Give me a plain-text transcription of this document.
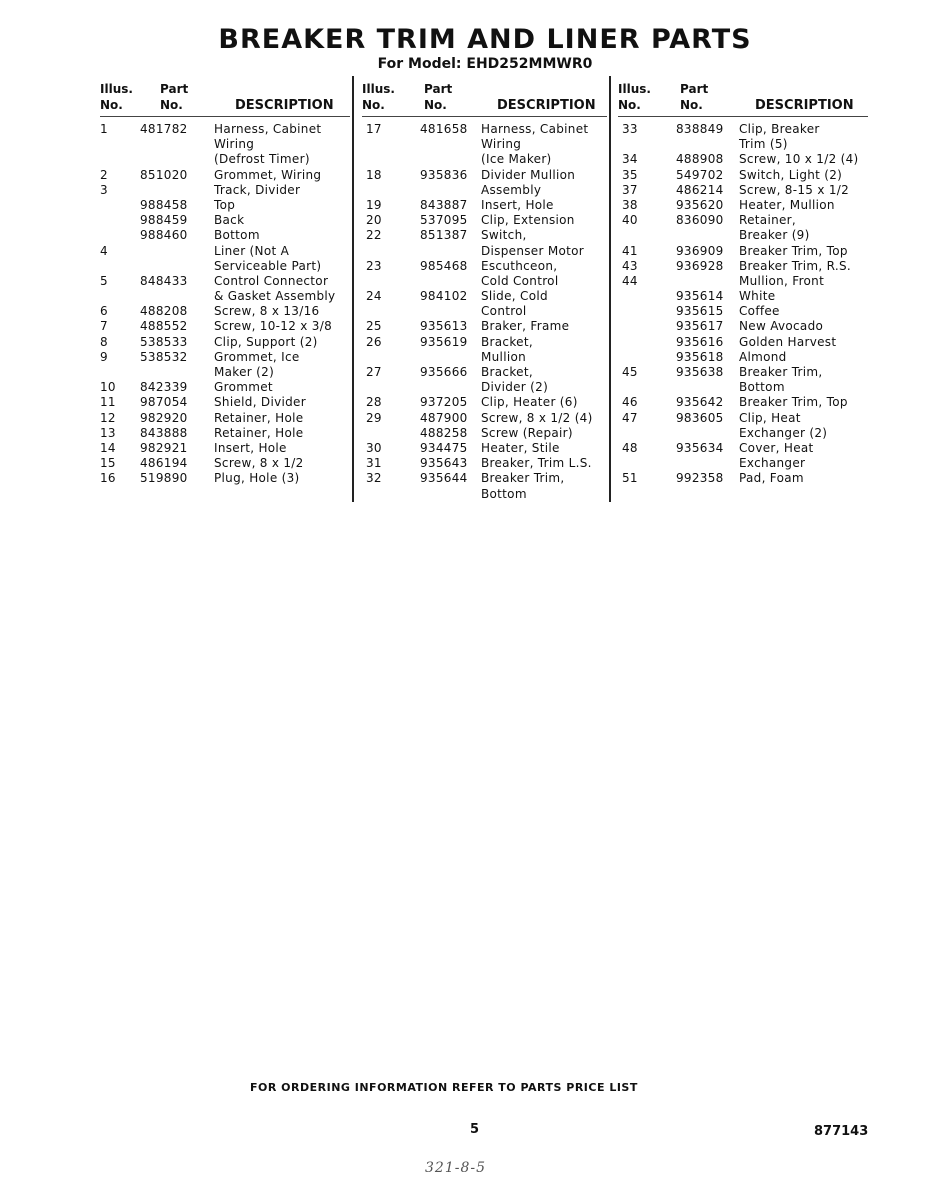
BREAKER TRIM AND LINER PARTS
For Model: EHD252MMWR0
Illus.
No.
Part
No.	DESCRIPTION
1	481782 Harness, Cabinet
Wiring
(Defrost Timer)
2	851020 Grommet, Wiring
3	Track, Divider
988458 Top
988459 Back
988460 Bottom
4	Liner (Not A
Serviceable Part)
5	848433 Control Connector
& Gasket Assembly
6	488208 Screw, 8 x 13/16
7	488552 Screw, 10-12 x 3/8
8	538533 Clip, Support (2)
9	538532 Grommet, Ice
Maker (2)
10 842339 Grommet
11 987054 Shield, Divider
12 982920 Retainer, Hole
13 843888 Retainer, Hole
14 982921 Insert, Hole
15 486194 Screw, 8 x 1/2
16 519890 Plug, Hole (3)
Illus.
No.
Part
No.	DESCRIPTION
17	481658 Harness, Cabinet
Wiring
(Ice Maker)
18	935836 Divider Mullion
Assembly
19	843887 Insert, Hole
20	537095 Clip, Extension
22	851387 Switch,
Dispenser Motor
23	985468 Escuthceon,
Cold Control
24	984102 Slide, Cold
Control
25	935613 Braker, Frame
26	935619 Bracket,
Mullion
27	935666 Bracket,
Divider (2)
28	937205 Clip, Heater (6)
29	487900 Screw, 8 x 1/2 (4)
488258 Screw (Repair)
30	934475 Heater, Stile
31	935643 Breaker, Trim L.S.
32	935644 Breaker Trim,
Bottom
Illus.
No.
Part
No.	DESCRIPTION
33	838849 Clip, Breaker
Trim (5)
34	488908 Screw, 10 x 1/2 (4)
35	549702 Switch, Light (2)
37	486214 Screw, 8-15 x 1/2
38	935620 Heater, Mullion
40	836090 Retainer,
Breaker (9)
41	936909 Breaker Trim, Top
43	936928 Breaker Trim, R.S.
44	Mullion, Front
935614 White
935615 Coffee
935617 New Avocado
935616 Golden Harvest
935618 Almond
45	935638 Breaker Trim,
Bottom
46	935642 Breaker Trim, Top
47	983605 Clip, Heat
Exchanger (2)
48	935634 Cover, Heat
Exchanger
51	992358 Pad, Foam
FOR ORDERING INFORMATION REFER TO PARTS PRICE LIST
5	877143
321-8-5
